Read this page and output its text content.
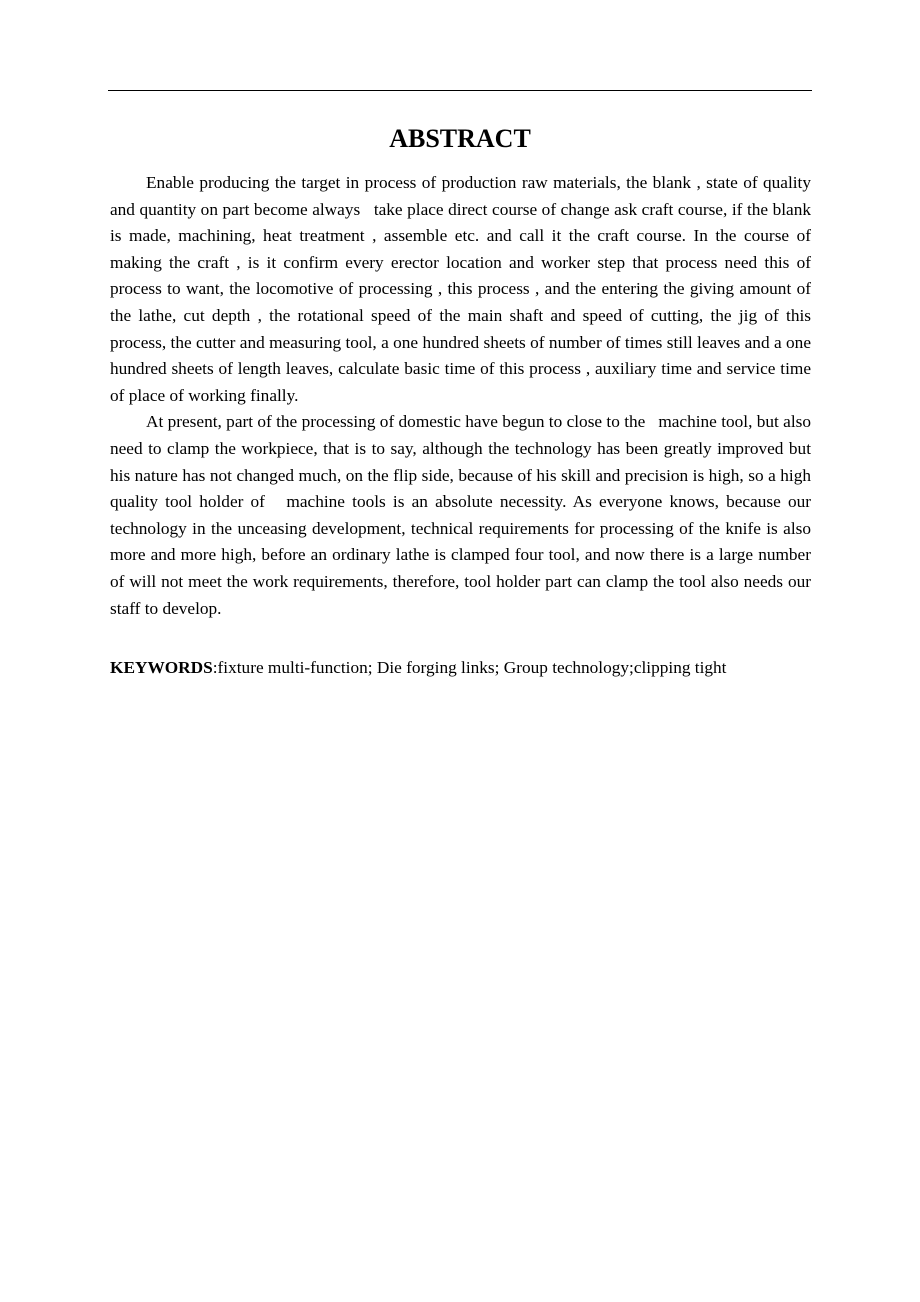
ABSTRACT

Enable producing the target in process of production raw materials, the blank , state of quality and quantity on part become always   take place direct course of change ask craft course, if the blank is made, machining, heat treatment , assemble etc. and call it the craft course. In the course of making the craft , is it confirm every erector location and worker step that process need this of process to want, the locomotive of processing , this process , and the entering the giving amount of the lathe, cut depth , the rotational speed of the main shaft and speed of cutting, the jig of this process, the cutter and measuring tool, a one hundred sheets of number of times still leaves and a one hundred sheets of length leaves, calculate basic time of this process , auxiliary time and service time of place of working finally.

At present, part of the processing of domestic have begun to close to the   machine tool, but also need to clamp the workpiece, that is to say, although the technology has been greatly improved but his nature has not changed much, on the flip side, because of his skill and precision is high, so a high quality tool holder of   machine tools is an absolute necessity. As everyone knows, because our technology in the unceasing development, technical requirements for processing of the knife is also more and more high, before an ordinary lathe is clamped four tool, and now there is a large number of will not meet the work requirements, therefore, tool holder part can clamp the tool also needs our staff to develop.

KEYWORDS:fixture multi-function; Die forging links; Group technology;clipping tight
